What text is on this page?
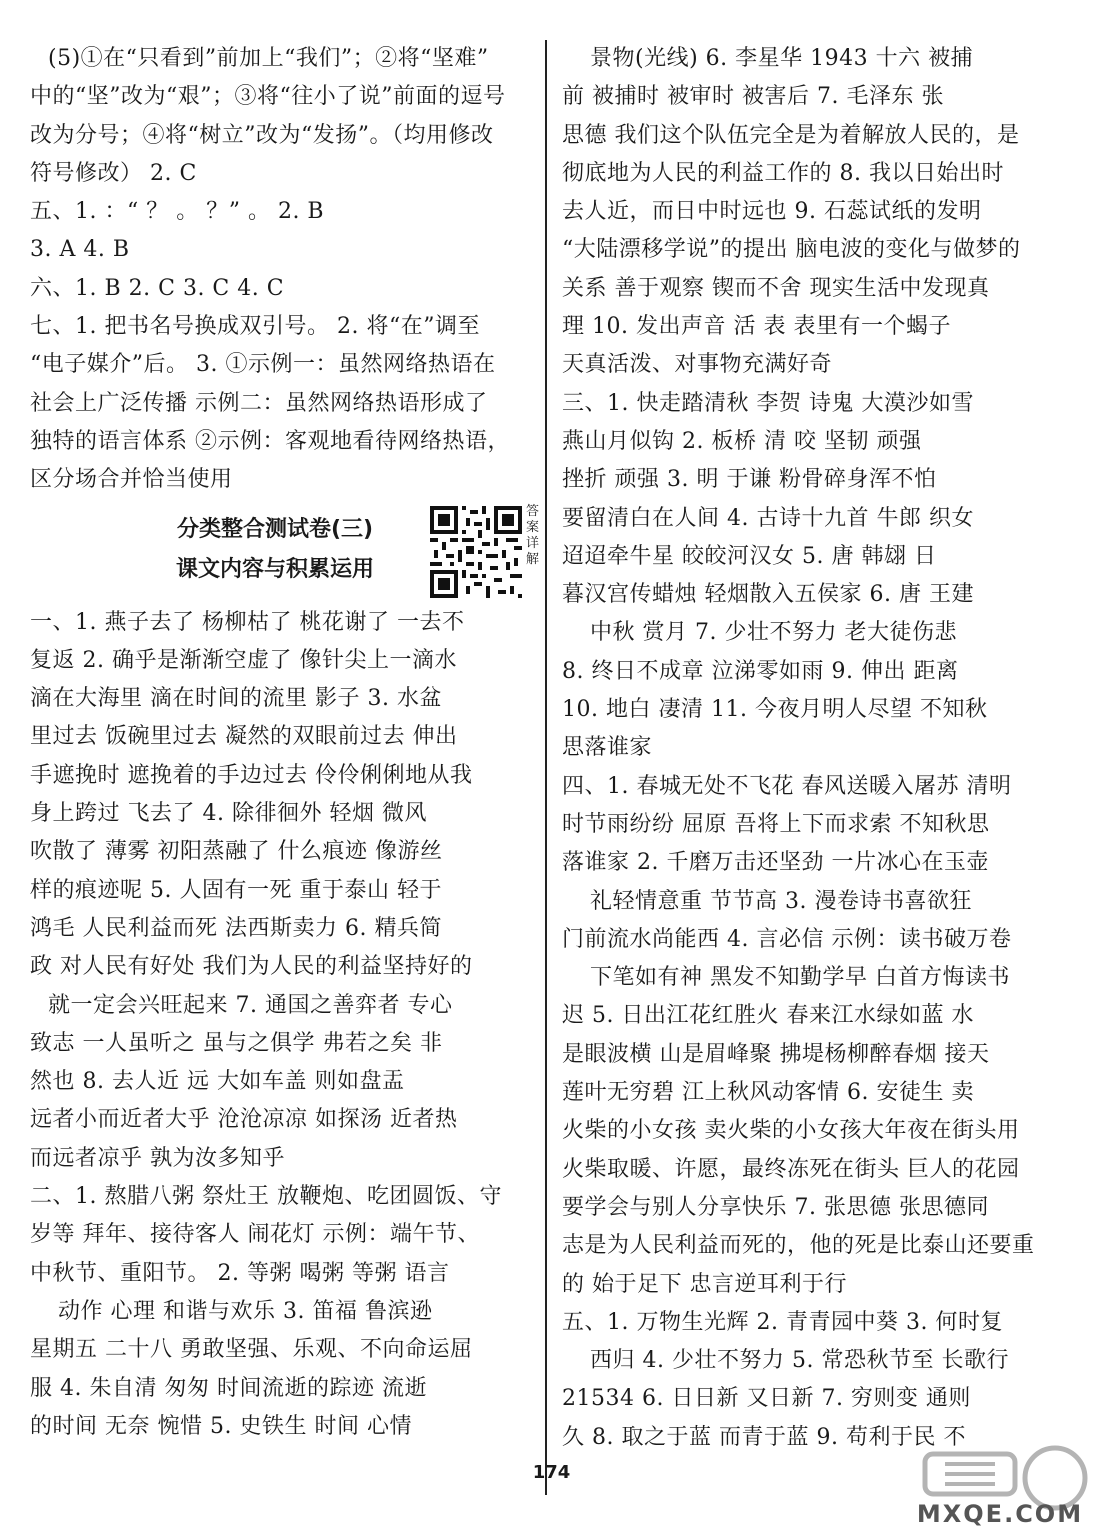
(5)①在“只看到”前加上“我们”；②将“坚难”
中的“坚”改为“艰”；③将“往小了说”前面的逗号
改为分号；④将“树立”改为“发扬”。（均用修改
符号修改） 2. C
五、1. ：“ ？ 。 ？” 。 2. B
3. A 4. B
六、1. B 2. C 3. C 4. C
七、1. 把书名号换成双引号。 2. 将“在”调至
“电子媒介”后。 3. ①示例一：虽然网络热语在
社会上广泛传播 示例二：虽然网络热语形成了
独特的语言体系 ②示例：客观地看待网络热语，
区分场合并恰当使用
分类整合测试卷(三)
课文内容与积累运用
答案详解
一、1. 燕子去了 杨柳枯了 桃花谢了 一去不
复返 2. 确乎是渐渐空虚了 像针尖上一滴水
滴在大海里 滴在时间的流里 影子 3. 水盆
里过去 饭碗里过去 凝然的双眼前过去 伸出
手遮挽时 遮挽着的手边过去 伶伶俐俐地从我
身上跨过 飞去了 4. 除徘徊外 轻烟 微风
吹散了 薄雾 初阳蒸融了 什么痕迹 像游丝
样的痕迹呢 5. 人固有一死 重于泰山 轻于
鸿毛 人民利益而死 法西斯卖力 6. 精兵简
政 对人民有好处 我们为人民的利益坚持好的
就一定会兴旺起来 7. 通国之善弈者 专心
致志 一人虽听之 虽与之俱学 弗若之矣 非
然也 8. 去人近 远 大如车盖 则如盘盂
远者小而近者大乎 沧沧凉凉 如探汤 近者热
而远者凉乎 孰为汝多知乎
二、1. 熬腊八粥 祭灶王 放鞭炮、吃团圆饭、守
岁等 拜年、接待客人 闹花灯 示例：端午节、
中秋节、重阳节。 2. 等粥 喝粥 等粥 语言
动作 心理 和谐与欢乐 3. 笛福 鲁滨逊
星期五 二十八 勇敢坚强、乐观、不向命运屈
服 4. 朱自清 匆匆 时间流逝的踪迹 流逝
的时间 无奈 惋惜 5. 史铁生 时间 心情
景物(光线) 6. 李星华 1943 十六 被捕
前 被捕时 被审时 被害后 7. 毛泽东 张
思德 我们这个队伍完全是为着解放人民的，是
彻底地为人民的利益工作的 8. 我以日始出时
去人近，而日中时远也 9. 石蕊试纸的发明
“大陆漂移学说”的提出 脑电波的变化与做梦的
关系 善于观察 锲而不舍 现实生活中发现真
理 10. 发出声音 活 表 表里有一个蝎子
天真活泼、对事物充满好奇
三、1. 快走踏清秋 李贺 诗鬼 大漠沙如雪
燕山月似钩 2. 板桥 清 咬 坚韧 顽强
挫折 顽强 3. 明 于谦 粉骨碎身浑不怕
要留清白在人间 4. 古诗十九首 牛郎 织女
迢迢牵牛星 皎皎河汉女 5. 唐 韩翃 日
暮汉宫传蜡烛 轻烟散入五侯家 6. 唐 王建
中秋 赏月 7. 少壮不努力 老大徒伤悲
8. 终日不成章 泣涕零如雨 9. 伸出 距离
10. 地白 凄清 11. 今夜月明人尽望 不知秋
思落谁家
四、1. 春城无处不飞花 春风送暖入屠苏 清明
时节雨纷纷 屈原 吾将上下而求索 不知秋思
落谁家 2. 千磨万击还坚劲 一片冰心在玉壶
礼轻情意重 节节高 3. 漫卷诗书喜欲狂
门前流水尚能西 4. 言必信 示例：读书破万卷
下笔如有神 黑发不知勤学早 白首方悔读书
迟 5. 日出江花红胜火 春来江水绿如蓝 水
是眼波横 山是眉峰聚 拂堤杨柳醉春烟 接天
莲叶无穷碧 江上秋风动客情 6. 安徒生 卖
火柴的小女孩 卖火柴的小女孩大年夜在街头用
火柴取暖、许愿，最终冻死在街头 巨人的花园
要学会与别人分享快乐 7. 张思德 张思德同
志是为人民利益而死的，他的死是比泰山还要重
的 始于足下 忠言逆耳利于行
五、1. 万物生光辉 2. 青青园中葵 3. 何时复
西归 4. 少壮不努力 5. 常恐秋节至 长歌行
21534 6. 日日新 又日新 7. 穷则变 通则
久 8. 取之于蓝 而青于蓝 9. 苟利于民 不
174
MXQE.COM
